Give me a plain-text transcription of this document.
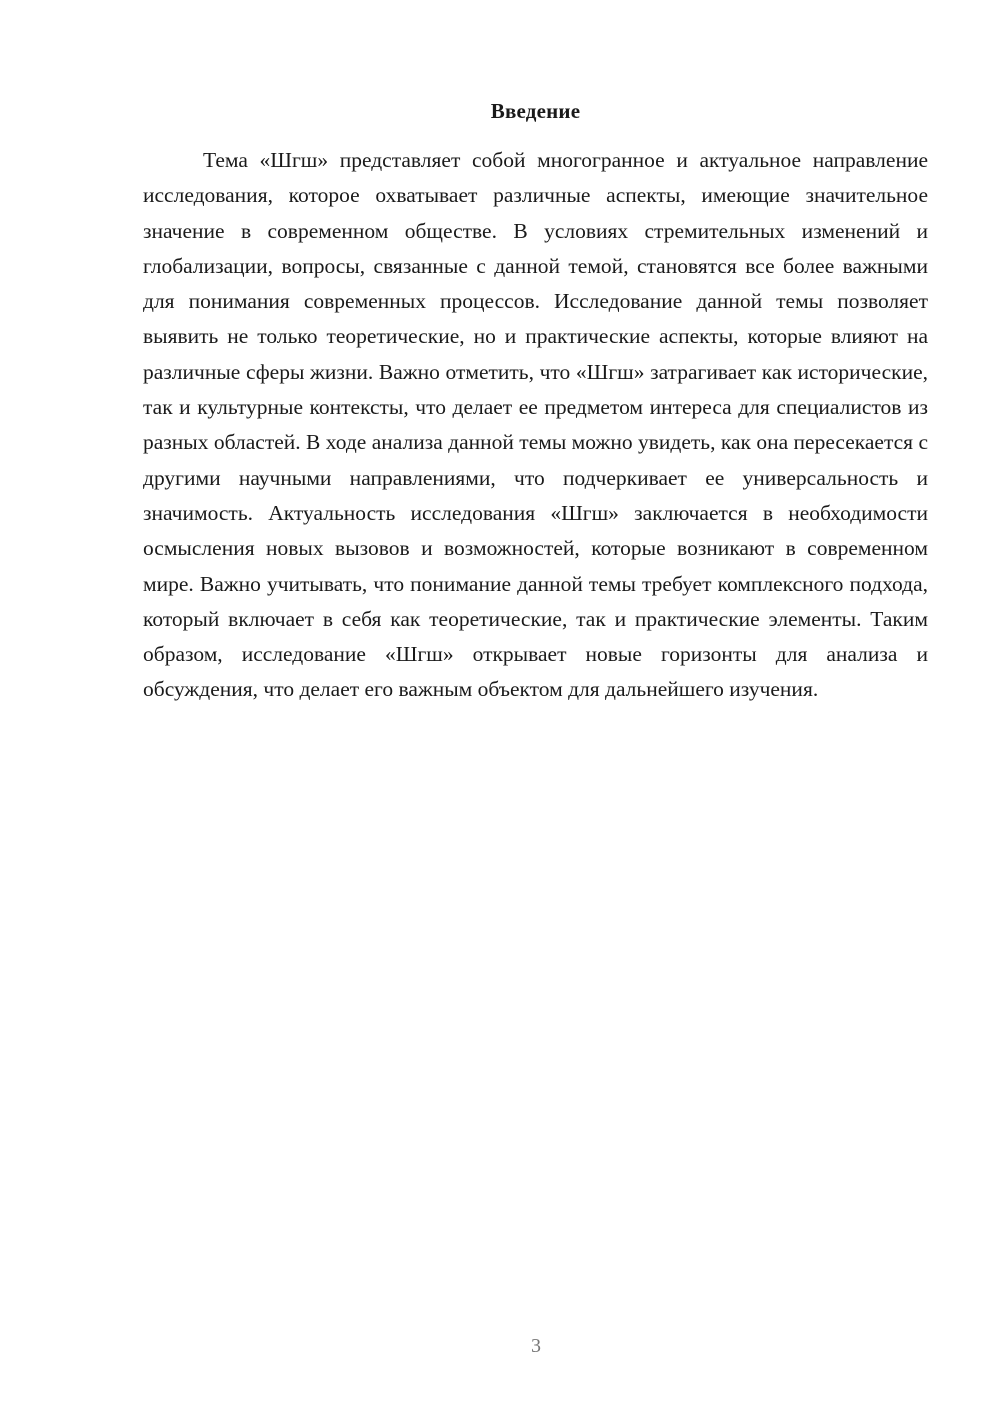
Введение

Тема «Шгш» представляет собой многогранное и актуальное направление исследования, которое охватывает различные аспекты, имеющие значительное значение в современном обществе. В условиях стремительных изменений и глобализации, вопросы, связанные с данной темой, становятся все более важными для понимания современных процессов. Исследование данной темы позволяет выявить не только теоретические, но и практические аспекты, которые влияют на различные сферы жизни. Важно отметить, что «Шгш» затрагивает как исторические, так и культурные контексты, что делает ее предметом интереса для специалистов из разных областей. В ходе анализа данной темы можно увидеть, как она пересекается с другими научными направлениями, что подчеркивает ее универсальность и значимость. Актуальность исследования «Шгш» заключается в необходимости осмысления новых вызовов и возможностей, которые возникают в современном мире. Важно учитывать, что понимание данной темы требует комплексного подхода, который включает в себя как теоретические, так и практические элементы. Таким образом, исследование «Шгш» открывает новые горизонты для анализа и обсуждения, что делает его важным объектом для дальнейшего изучения.

3
